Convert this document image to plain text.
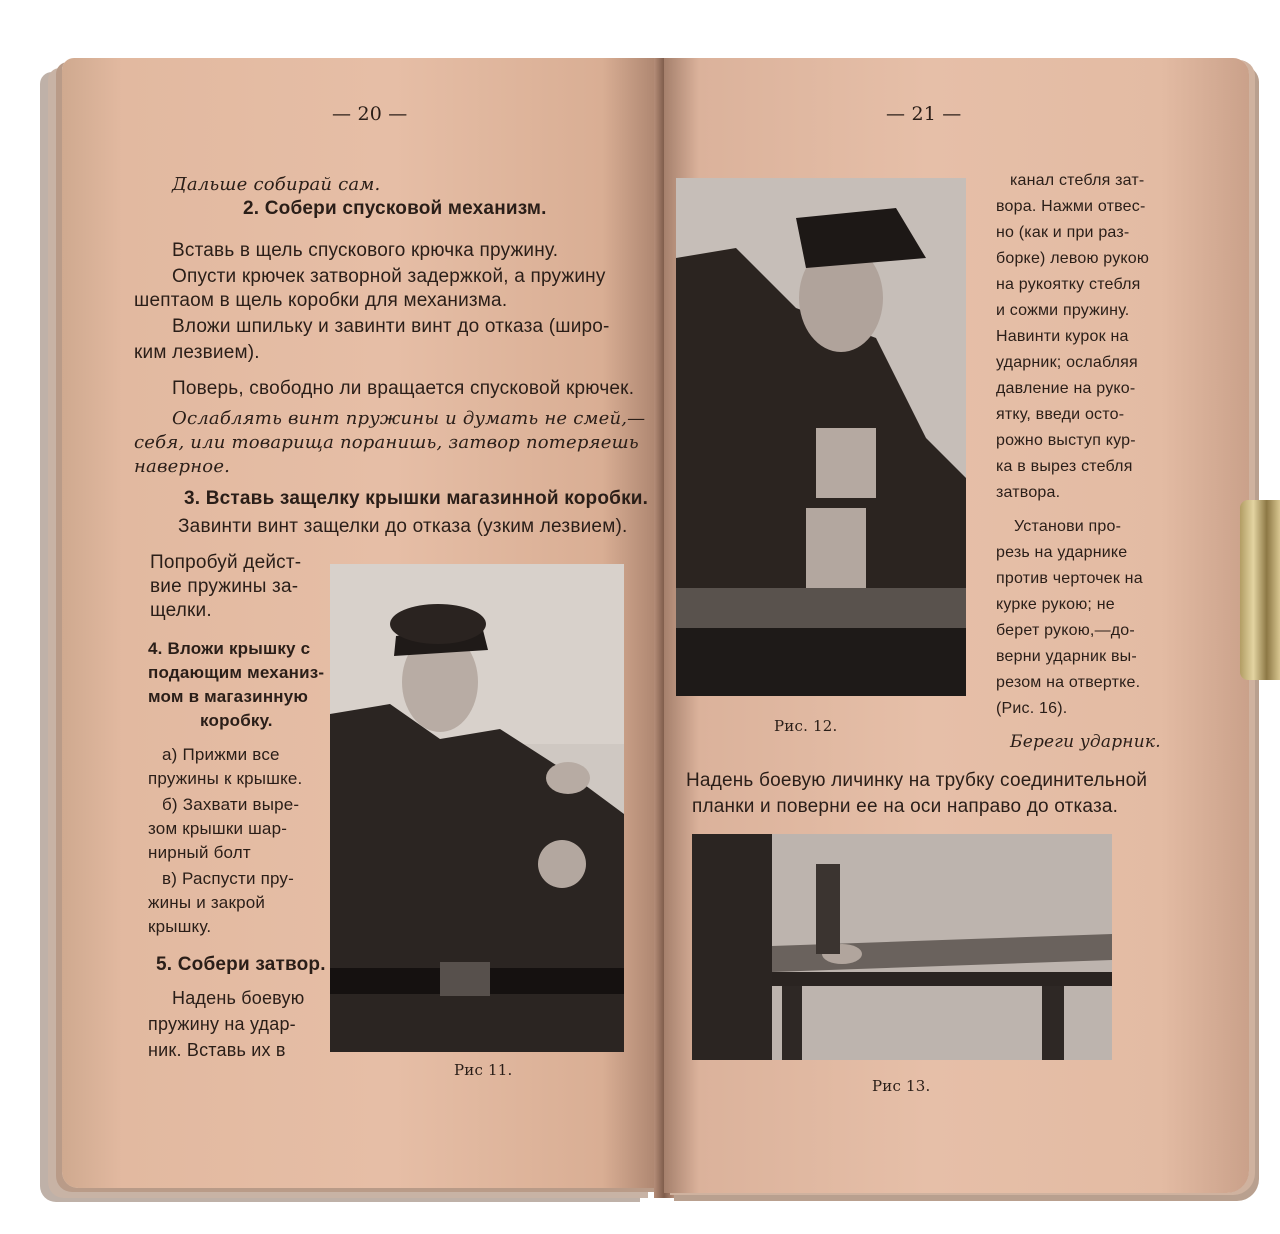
— 20 —
Дальше собирай сам.
2. Собери спусковой механизм.
Вставь в щель спускового крючка пружину.
Опусти крючек затворной задержкой, а пружину
шептаом в щель коробки для механизма.
Вложи шпильку и завинти винт до отказа (широ-
ким лезвием).
Поверь, свободно ли вращается спусковой крючек.
Ослаблять винт пружины и думать не смей,—
себя, или товарища поранишь, затвор потеряешь
наверное.
3. Вставь защелку крышки магазинной коробки.
Завинти винт защелки до отказа (узким лезвием).
Попробуй дейст-
вие пружины за-
щелки.
4. Вложи крышку с
подающим механиз-
мом в магазинную
коробку.
а) Прижми все
пружины к крышке.
б) Захвати вырe-
зом крышки шар-
нирный болт
в) Распусти пру-
жины и закрой
крышку.
5. Собери затвор.
Надень боевую
пружину на удар-
ник. Вставь их в
Рис 11.
— 21 —
Рис. 12.
канал стебля зат-
вора. Нажми отвес-
но (как и при раз-
борке) левою рукою
на рукоятку стебля
и сожми пружину.
Навинти курок на
ударник; ослабляя
давление на руко-
ятку, введи осто-
рожно выступ кур-
ка в вырез стебля
затвора.
Установи про-
резь на ударнике
против черточек на
курке рукою; не
берет рукою,—до-
верни ударник вы-
резом на отвертке.
(Рис. 16).
Береги ударник.
Надень боевую личинку на трубку соединительной
планки и поверни ее на оси направо до отказа.
Рис 13.
